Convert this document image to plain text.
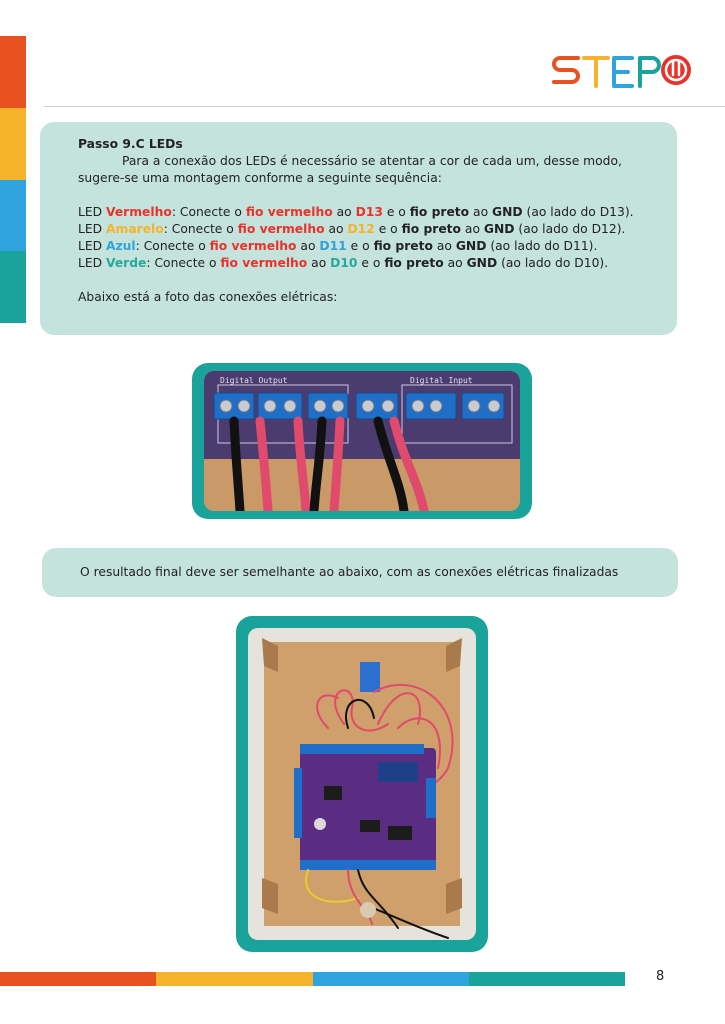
STEP
Passo 9.C LEDs
Para a conexão dos LEDs é necessário se atentar a cor de cada um, desse modo, sugere-se uma montagem conforme a seguinte sequência:
LED Vermelho: Conecte o fio vermelho ao D13 e o fio preto ao GND (ao lado do D13).
LED Amarelo: Conecte o fio vermelho ao D12 e o fio preto ao GND (ao lado do D12).
LED Azul: Conecte o fio vermelho ao D11 e o fio preto ao GND (ao lado do D11).
LED Verde: Conecte o fio vermelho ao D10 e o fio preto ao GND (ao lado do D10).
Abaixo está a foto das conexões elétricas:
Digital Output	Digital Input
O resultado final deve ser semelhante ao abaixo, com as conexões elétricas finalizadas
8
